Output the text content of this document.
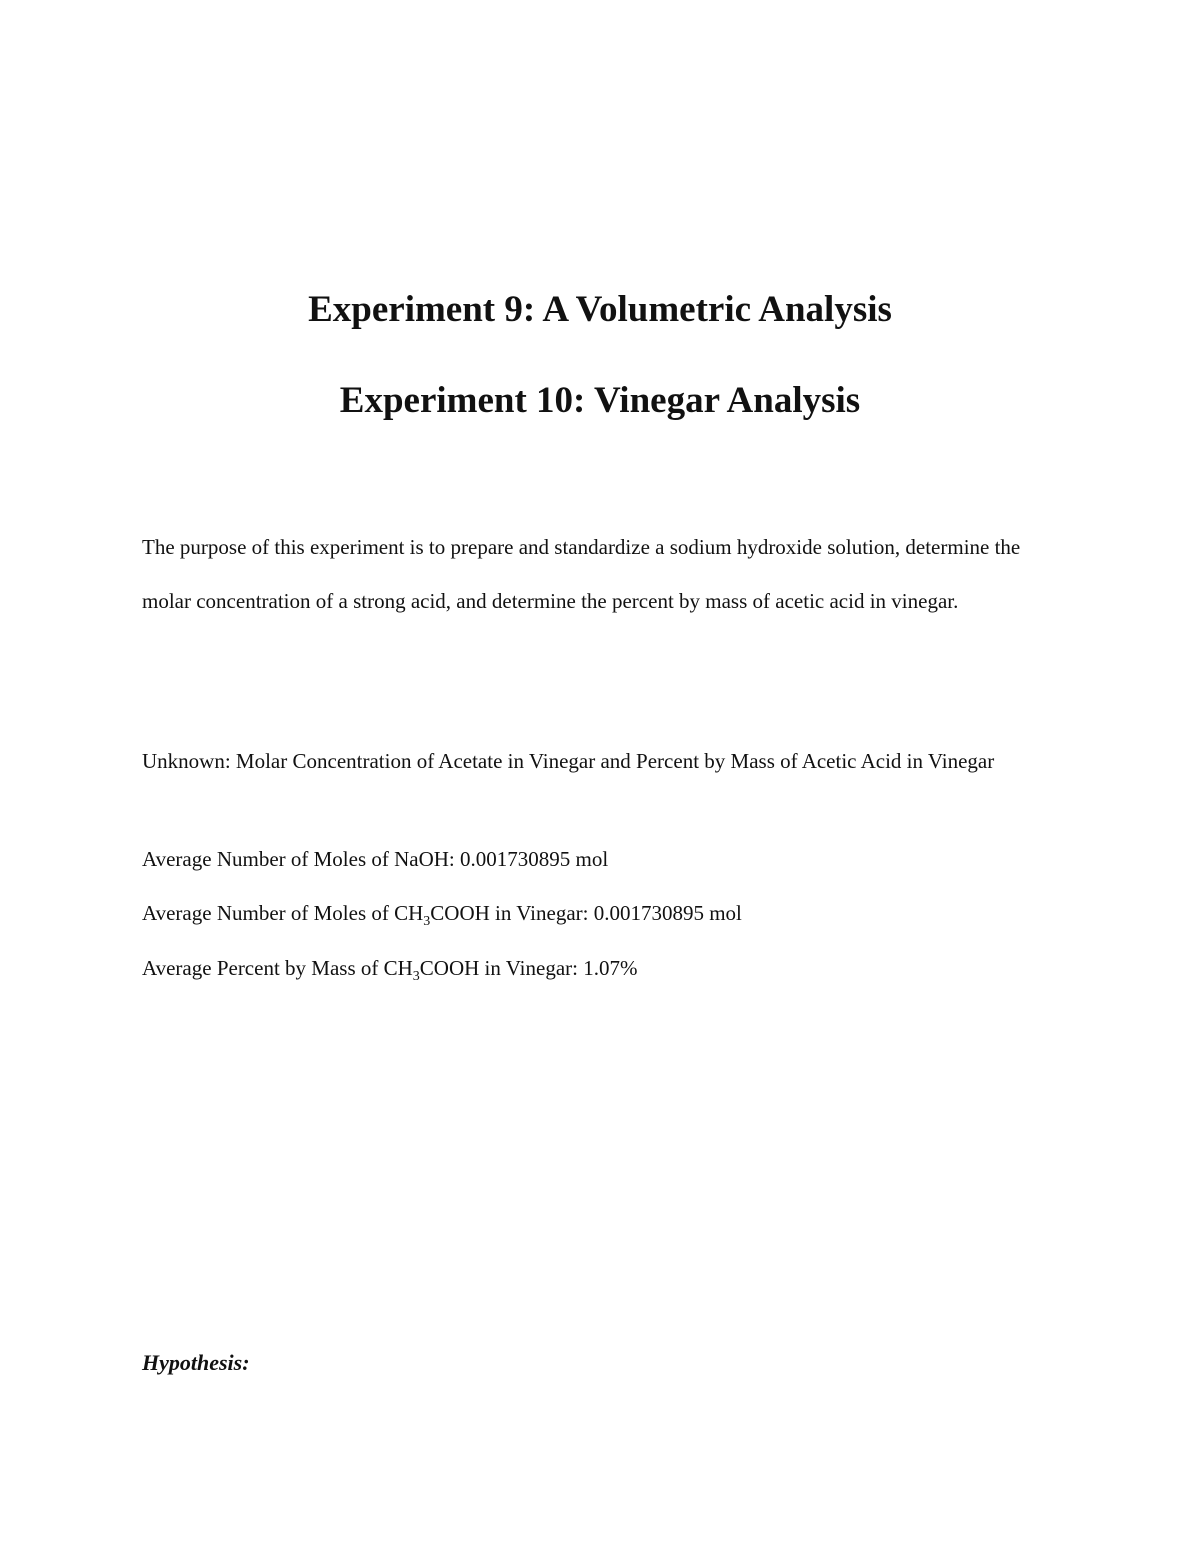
Experiment 9: A Volumetric Analysis
Experiment 10: Vinegar Analysis

The purpose of this experiment is to prepare and standardize a sodium hydroxide solution, determine the molar concentration of a strong acid, and determine the percent by mass of acetic acid in vinegar.

Unknown: Molar Concentration of Acetate in Vinegar and Percent by Mass of Acetic Acid in Vinegar

Average Number of Moles of NaOH: 0.001730895 mol

Average Number of Moles of $CH_3COOH$ in Vinegar: 0.001730895 mol

Average Percent by Mass of $CH_3COOH$ in Vinegar: 1.07%

Hypothesis:
